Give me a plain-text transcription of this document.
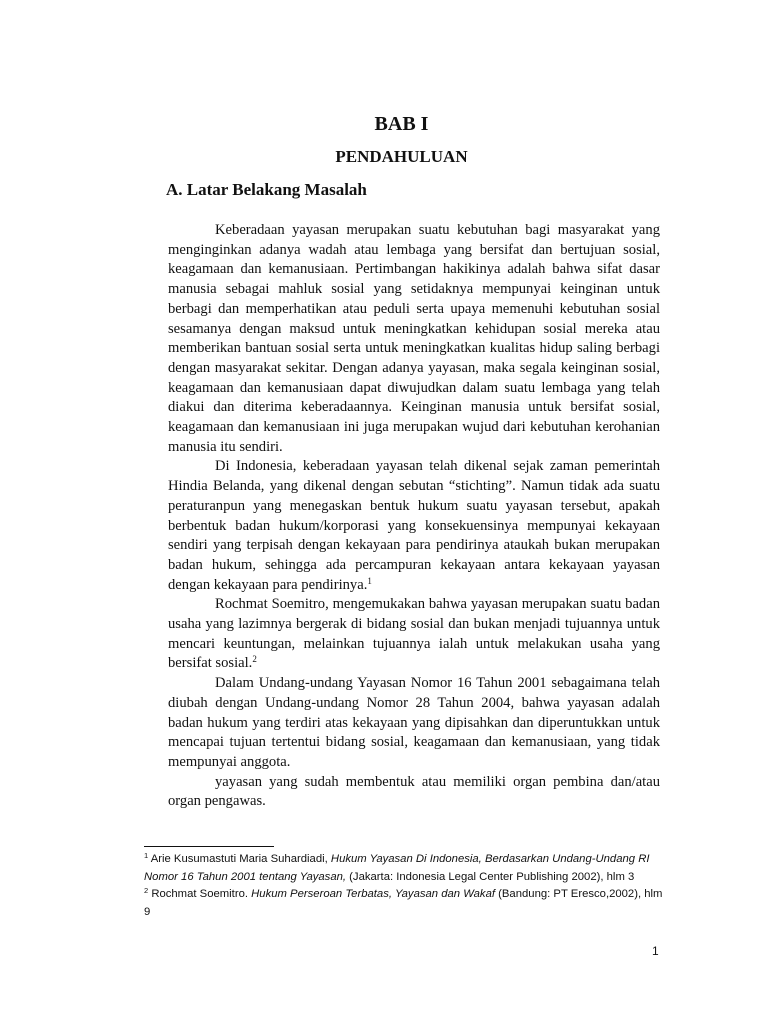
BAB I
PENDAHULUAN
A. Latar Belakang Masalah

Keberadaan yayasan merupakan suatu kebutuhan bagi masyarakat yang menginginkan adanya wadah atau lembaga yang bersifat dan bertujuan sosial, keagamaan dan kemanusiaan. Pertimbangan hakikinya adalah bahwa sifat dasar manusia sebagai mahluk sosial yang setidaknya mempunyai keinginan untuk berbagi dan memperhatikan atau peduli serta upaya memenuhi kebutuhan sosial sesamanya dengan maksud untuk meningkatkan kehidupan sosial mereka atau memberikan bantuan sosial serta untuk meningkatkan kualitas hidup saling berbagi dengan masyarakat sekitar. Dengan adanya yayasan, maka segala keinginan sosial, keagamaan dan kemanusiaan dapat diwujudkan dalam suatu lembaga yang telah diakui dan diterima keberadaannya. Keinginan manusia untuk bersifat sosial, keagamaan dan kemanusiaan ini juga merupakan wujud dari kebutuhan kerohanian manusia itu sendiri.

Di Indonesia, keberadaan yayasan telah dikenal sejak zaman pemerintah Hindia Belanda, yang dikenal dengan sebutan “stichting”. Namun tidak ada suatu peraturanpun yang menegaskan bentuk hukum suatu yayasan tersebut, apakah berbentuk badan hukum/korporasi yang konsekuensinya mempunyai kekayaan sendiri yang terpisah dengan kekayaan para pendirinya ataukah bukan merupakan badan hukum, sehingga ada percampuran kekayaan antara kekayaan yayasan dengan kekayaan para pendirinya.$^1$

Rochmat Soemitro, mengemukakan bahwa yayasan merupakan suatu badan usaha yang lazimnya bergerak di bidang sosial dan bukan menjadi tujuannya untuk mencari keuntungan, melainkan tujuannya ialah untuk melakukan usaha yang bersifat sosial.$^2$

Dalam Undang-undang Yayasan Nomor 16 Tahun 2001 sebagaimana telah diubah dengan Undang-undang Nomor 28 Tahun 2004, bahwa yayasan adalah badan hukum yang terdiri atas kekayaan yang dipisahkan dan diperuntukkan untuk mencapai tujuan tertentui bidang sosial, keagamaan dan kemanusiaan, yang tidak mempunyai anggota.

yayasan yang sudah membentuk atau memiliki organ pembina dan/atau organ pengawas.

$^1$ Arie Kusumastuti Maria Suhardiadi, Hukum Yayasan Di Indonesia, Berdasarkan Undang-Undang RI Nomor 16 Tahun 2001 tentang Yayasan, (Jakarta: Indonesia Legal Center Publishing 2002), hlm 3

$^2$ Rochmat Soemitro. Hukum Perseroan Terbatas, Yayasan dan Wakaf (Bandung: PT Eresco,2002), hlm 9

1
